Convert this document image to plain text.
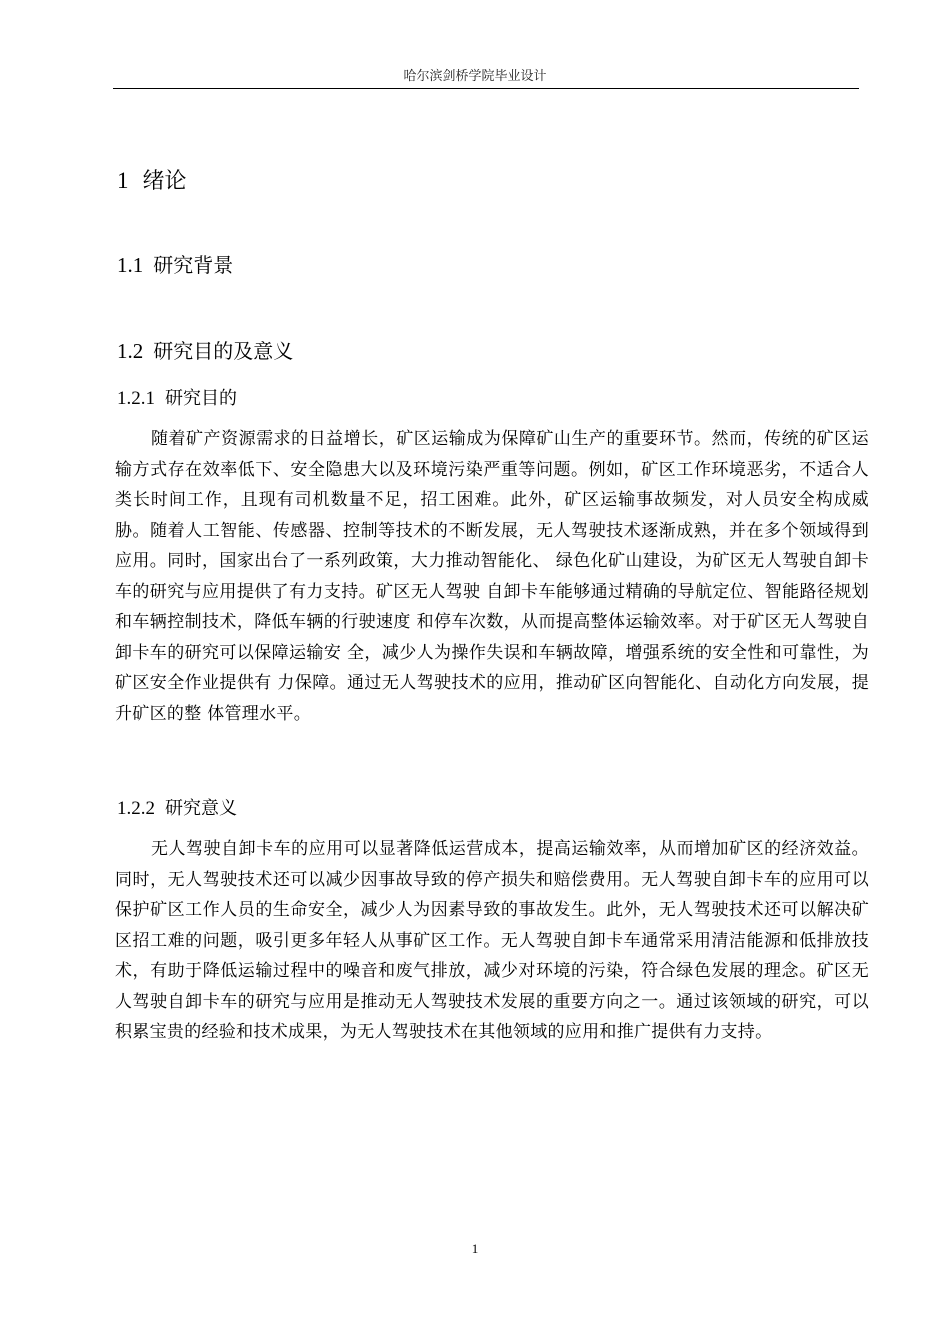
哈尔滨剑桥学院毕业设计
1 绪论
1.1 研究背景
1.2 研究目的及意义
1.2.1 研究目的

随着矿产资源需求的日益增长，矿区运输成为保障矿山生产的重要环节。然而，传统的矿区运输方式存在效率低下、安全隐患大以及环境污染严重等问题。例如，矿区工作环境恶劣，不适合人类长时间工作，且现有司机数量不足，招工困难。此外，矿区运输事故频发，对人员安全构成威胁。随着人工智能、传感器、控制等技术的不断发展，无人驾驶技术逐渐成熟，并在多个领域得到应用。同时，国家出台了一系列政策，大力推动智能化、 绿色化矿山建设，为矿区无人驾驶自卸卡车的研究与应用提供了有力支持。矿区无人驾驶 自卸卡车能够通过精确的导航定位、智能路径规划和车辆控制技术，降低车辆的行驶速度 和停车次数，从而提高整体运输效率。对于矿区无人驾驶自卸卡车的研究可以保障运输安 全，减少人为操作失误和车辆故障，增强系统的安全性和可靠性，为矿区安全作业提供有 力保障。通过无人驾驶技术的应用，推动矿区向智能化、自动化方向发展，提升矿区的整 体管理水平。

1.2.2 研究意义

无人驾驶自卸卡车的应用可以显著降低运营成本，提高运输效率，从而增加矿区的经济效益。同时，无人驾驶技术还可以减少因事故导致的停产损失和赔偿费用。无人驾驶自卸卡车的应用可以保护矿区工作人员的生命安全，减少人为因素导致的事故发生。此外，无人驾驶技术还可以解决矿区招工难的问题，吸引更多年轻人从事矿区工作。无人驾驶自卸卡车通常采用清洁能源和低排放技术，有助于降低运输过程中的噪音和废气排放，减少对环境的污染，符合绿色发展的理念。矿区无人驾驶自卸卡车的研究与应用是推动无人驾驶技术发展的重要方向之一。通过该领域的研究，可以积累宝贵的经验和技术成果，为无人驾驶技术在其他领域的应用和推广提供有力支持。

1
